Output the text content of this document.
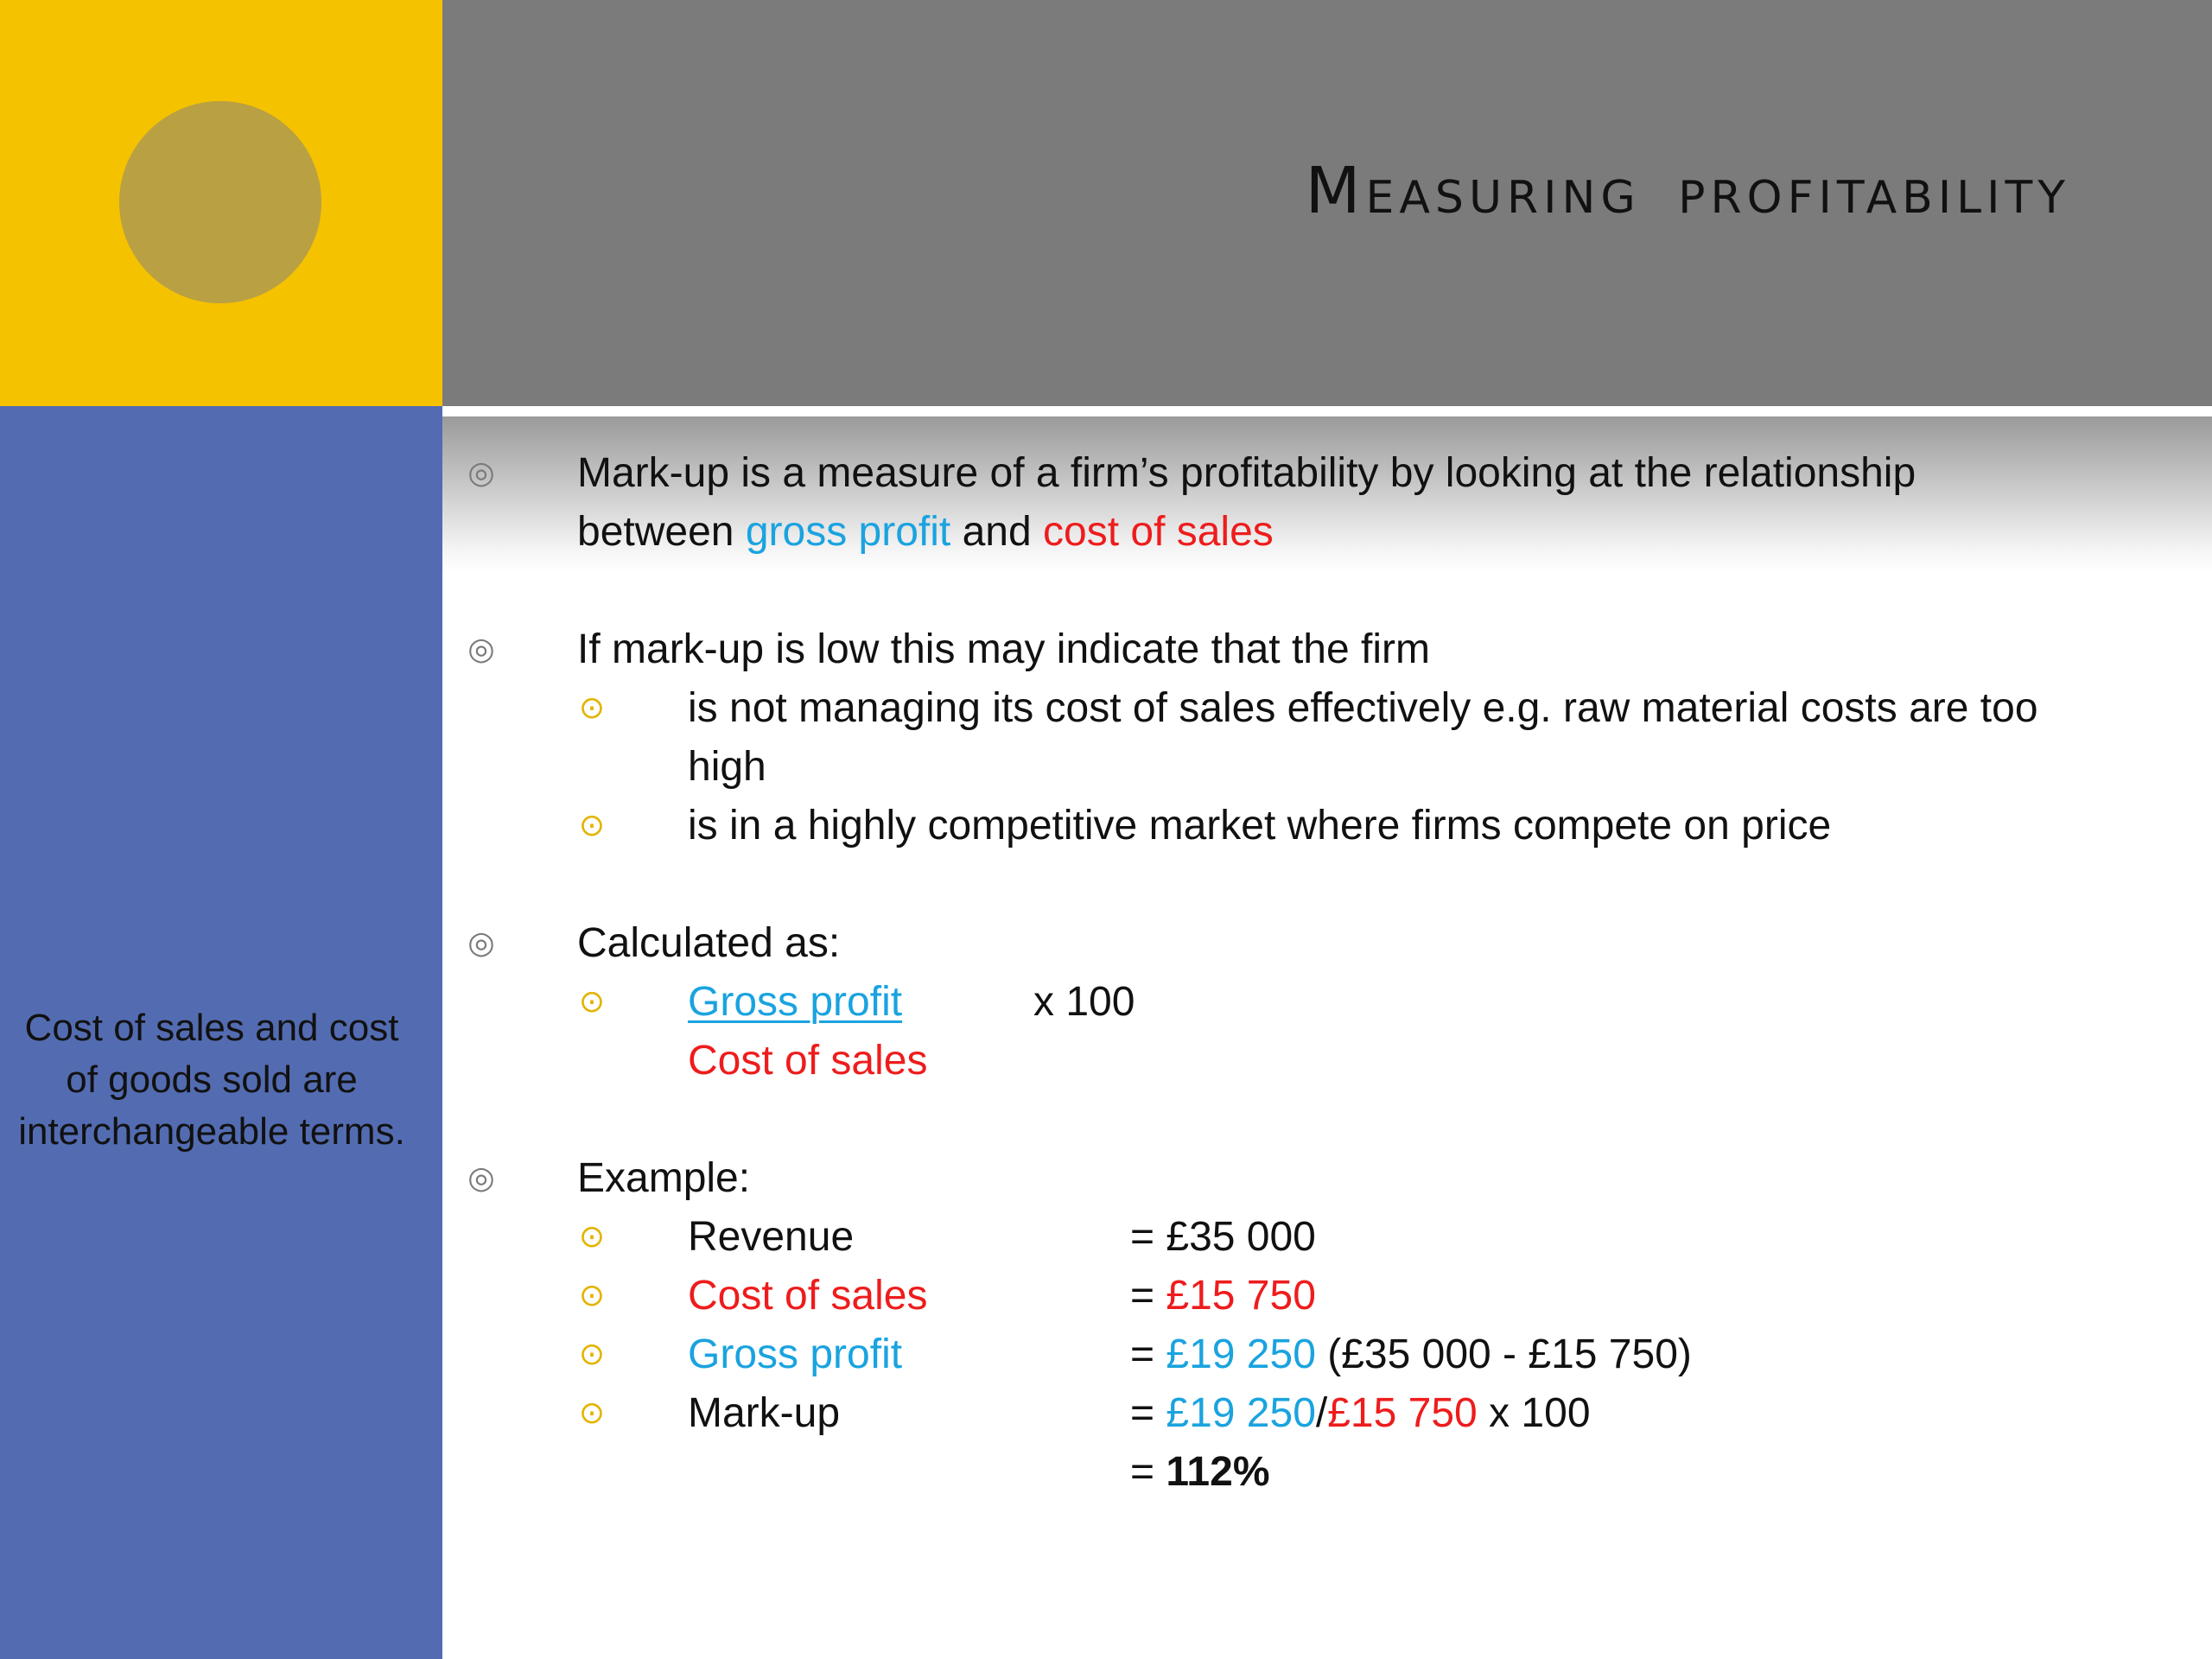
Measuring profitability

Cost of sales and cost of goods sold are interchangeable terms.

◎ Mark-up is a measure of a firm’s profitability by looking at the relationship
between gross profit and cost of sales
◎ If mark-up is low this may indicate that the firm
⊙ is not managing its cost of sales effectively e.g. raw material costs are too
high
⊙ is in a highly competitive market where firms compete on price
◎ Calculated as:
⊙ Gross profit	x 100
Cost of sales
◎ Example:
⊙ Revenue	= £35 000
⊙ Cost of sales	= £15 750
⊙ Gross profit	= £19 250 (£35 000 - £15 750)
⊙ Mark-up	= £19 250/£15 750 x 100
= 112%
